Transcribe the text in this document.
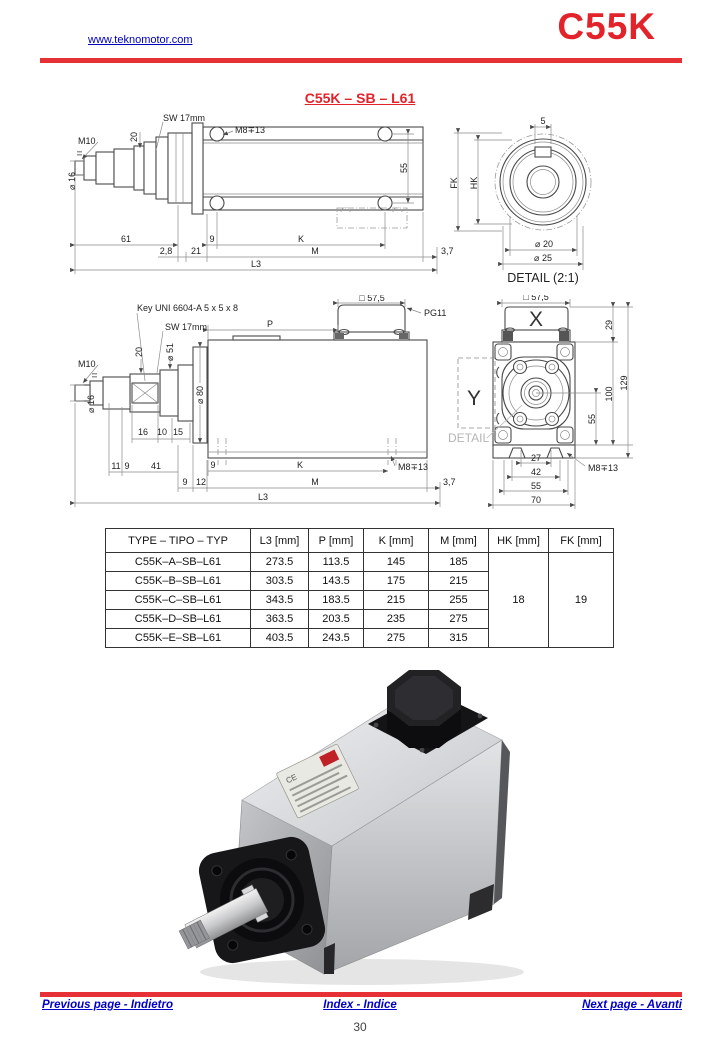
www.teknomotor.com	C55K
C55K – SB – L61
SW 17mm
M8∓13
M10
⌀ 16
20
55
61	9	K
2,8 21	M	3,7
L3
5
FK HK
⌀ 20
⌀ 25
DETAIL (2:1)
Key UNI 6604-A 5 x 5 x 8
SW 17mm
⌀ 51
⌀ 80
20
M10
⌀ 16
□ 57,5
PG11
P
16 10 15
11 9 41	9	K	M8∓13
9 12	M	3,7
L3
□ 57,5
X
Y
DETAIL
29
100
55
129
27
42
55
70
M8∓13
TYPE – TIPO – TYP	L3 [mm]	P [mm]	K [mm]	M [mm]	HK [mm]	FK [mm]
C55K–A–SB–L61	273.5	113.5	145	185	18	19
C55K–B–SB–L61	303.5	143.5	175	215		
C55K–C–SB–L61	343.5	183.5	215	255		
C55K–D–SB–L61	363.5	203.5	235	275		
C55K–E–SB–L61	403.5	243.5	275	315		
CE
Previous page - Indietro	Index - Indice	Next page - Avanti
30
